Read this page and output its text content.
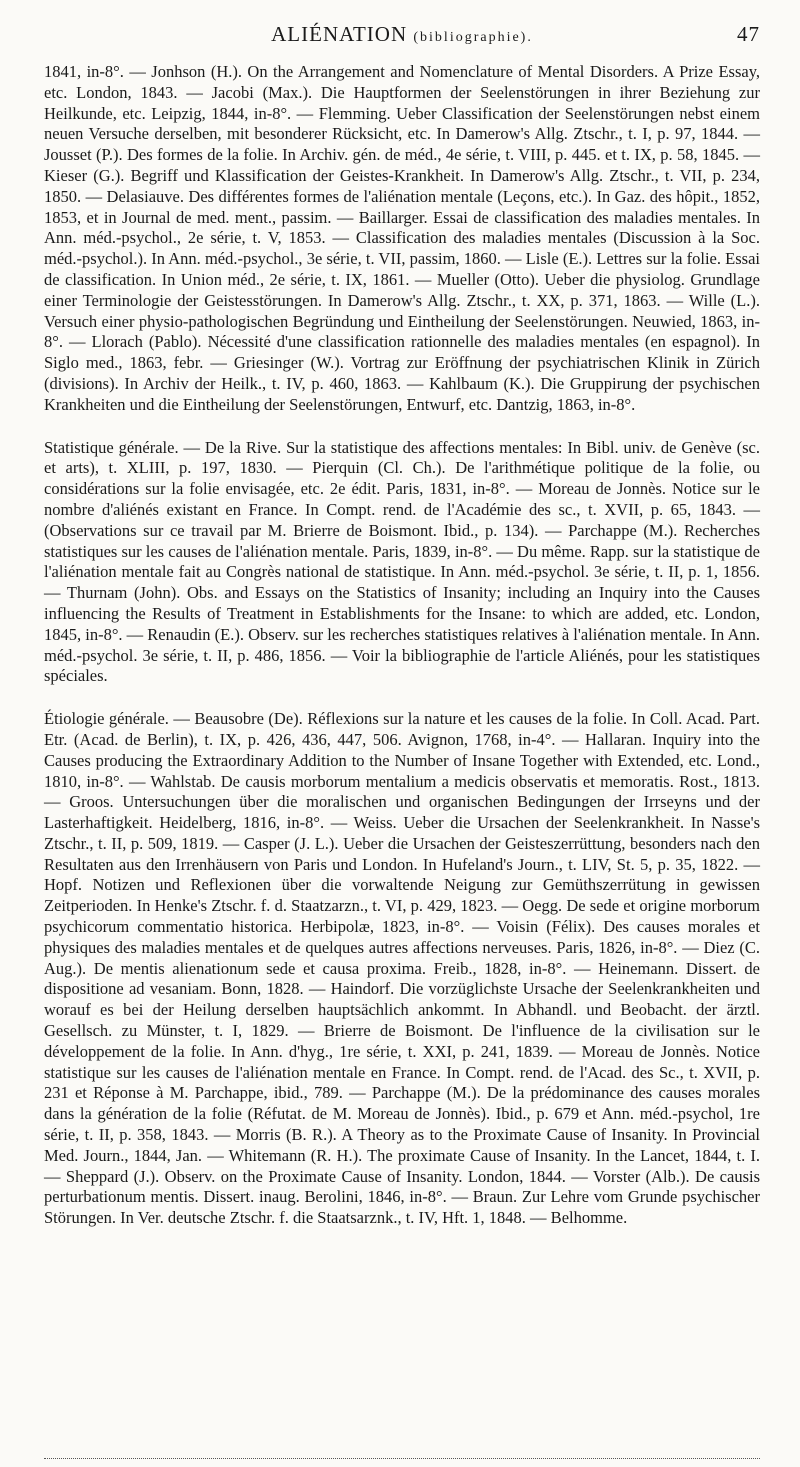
ALIÉNATION (bibliographie).	47

1841, in-8°. — Jonhson (H.). On the Arrangement and Nomenclature of Mental Disorders. A Prize Essay, etc. London, 1843. — Jacobi (Max.). Die Hauptformen der Seelenstörungen in ihrer Beziehung zur Heilkunde, etc. Leipzig, 1844, in-8°. — Flemming. Ueber Classification der Seelenstörungen nebst einem neuen Versuche derselben, mit besonderer Rücksicht, etc. In Damerow's Allg. Ztschr., t. I, p. 97, 1844. — Jousset (P.). Des formes de la folie. In Archiv. gén. de méd., 4e série, t. VIII, p. 445. et t. IX, p. 58, 1845. — Kieser (G.). Begriff und Klassification der Geistes-Krankheit. In Damerow's Allg. Ztschr., t. VII, p. 234, 1850. — Delasiauve. Des différentes formes de l'aliénation mentale (Leçons, etc.). In Gaz. des hôpit., 1852, 1853, et in Journal de med. ment., passim. — Baillarger. Essai de classification des maladies mentales. In Ann. méd.-psychol., 2e série, t. V, 1853. — Classification des maladies mentales (Discussion à la Soc. méd.-psychol.). In Ann. méd.-psychol., 3e série, t. VII, passim, 1860. — Lisle (E.). Lettres sur la folie. Essai de classification. In Union méd., 2e série, t. IX, 1861. — Mueller (Otto). Ueber die physiolog. Grundlage einer Terminologie der Geistesstörungen. In Damerow's Allg. Ztschr., t. XX, p. 371, 1863. — Wille (L.). Versuch einer physio-pathologischen Begründung und Eintheilung der Seelenstörungen. Neuwied, 1863, in-8°. — Llorach (Pablo). Nécessité d'une classification rationnelle des maladies mentales (en espagnol). In Siglo med., 1863, febr. — Griesinger (W.). Vortrag zur Eröffnung der psychiatrischen Klinik in Zürich (divisions). In Archiv der Heilk., t. IV, p. 460, 1863. — Kahlbaum (K.). Die Gruppirung der psychischen Krankheiten und die Eintheilung der Seelenstörungen, Entwurf, etc. Dantzig, 1863, in-8°.

Statistique générale. — De la Rive. Sur la statistique des affections mentales: In Bibl. univ. de Genève (sc. et arts), t. XLIII, p. 197, 1830. — Pierquin (Cl. Ch.). De l'arithmétique politique de la folie, ou considérations sur la folie envisagée, etc. 2e édit. Paris, 1831, in-8°. — Moreau de Jonnès. Notice sur le nombre d'aliénés existant en France. In Compt. rend. de l'Académie des sc., t. XVII, p. 65, 1843. — (Observations sur ce travail par M. Brierre de Boismont. Ibid., p. 134). — Parchappe (M.). Recherches statistiques sur les causes de l'aliénation mentale. Paris, 1839, in-8°. — Du même. Rapp. sur la statistique de l'aliénation mentale fait au Congrès national de statistique. In Ann. méd.-psychol. 3e série, t. II, p. 1, 1856. — Thurnam (John). Obs. and Essays on the Statistics of Insanity; including an Inquiry into the Causes influencing the Results of Treatment in Establishments for the Insane: to which are added, etc. London, 1845, in-8°. — Renaudin (E.). Observ. sur les recherches statistiques relatives à l'aliénation mentale. In Ann. méd.-psychol. 3e série, t. II, p. 486, 1856. — Voir la bibliographie de l'article Aliénés, pour les statistiques spéciales.

Étiologie générale. — Beausobre (De). Réflexions sur la nature et les causes de la folie. In Coll. Acad. Part. Etr. (Acad. de Berlin), t. IX, p. 426, 436, 447, 506. Avignon, 1768, in-4°. — Hallaran. Inquiry into the Causes producing the Extraordinary Addition to the Number of Insane Together with Extended, etc. Lond., 1810, in-8°. — Wahlstab. De causis morborum mentalium a medicis observatis et memoratis. Rost., 1813. — Groos. Untersuchungen über die moralischen und organischen Bedingungen der Irrseyns und der Lasterhaftigkeit. Heidelberg, 1816, in-8°. — Weiss. Ueber die Ursachen der Seelenkrankheit. In Nasse's Ztschr., t. II, p. 509, 1819. — Casper (J. L.). Ueber die Ursachen der Geisteszerrüttung, besonders nach den Resultaten aus den Irrenhäusern von Paris und London. In Hufeland's Journ., t. LIV, St. 5, p. 35, 1822. — Hopf. Notizen und Reflexionen über die vorwaltende Neigung zur Gemüthszerrütung in gewissen Zeitperioden. In Henke's Ztschr. f. d. Staatzarzn., t. VI, p. 429, 1823. — Oegg. De sede et origine morborum psychicorum commentatio historica. Herbipolæ, 1823, in-8°. — Voisin (Félix). Des causes morales et physiques des maladies mentales et de quelques autres affections nerveuses. Paris, 1826, in-8°. — Diez (C. Aug.). De mentis alienationum sede et causa proxima. Freib., 1828, in-8°. — Heinemann. Dissert. de dispositione ad vesaniam. Bonn, 1828. — Haindorf. Die vorzüglichste Ursache der Seelenkrankheiten und worauf es bei der Heilung derselben hauptsächlich ankommt. In Abhandl. und Beobacht. der ärztl. Gesellsch. zu Münster, t. I, 1829. — Brierre de Boismont. De l'influence de la civilisation sur le développement de la folie. In Ann. d'hyg., 1re série, t. XXI, p. 241, 1839. — Moreau de Jonnès. Notice statistique sur les causes de l'aliénation mentale en France. In Compt. rend. de l'Acad. des Sc., t. XVII, p. 231 et Réponse à M. Parchappe, ibid., 789. — Parchappe (M.). De la prédominance des causes morales dans la génération de la folie (Réfutat. de M. Moreau de Jonnès). Ibid., p. 679 et Ann. méd.-psychol, 1re série, t. II, p. 358, 1843. — Morris (B. R.). A Theory as to the Proximate Cause of Insanity. In Provincial Med. Journ., 1844, Jan. — Whitemann (R. H.). The proximate Cause of Insanity. In the Lancet, 1844, t. I. — Sheppard (J.). Observ. on the Proximate Cause of Insanity. London, 1844. — Vorster (Alb.). De causis perturbationum mentis. Dissert. inaug. Berolini, 1846, in-8°. — Braun. Zur Lehre vom Grunde psychischer Störungen. In Ver. deutsche Ztschr. f. die Staatsarznk., t. IV, Hft. 1, 1848. — Belhomme.
